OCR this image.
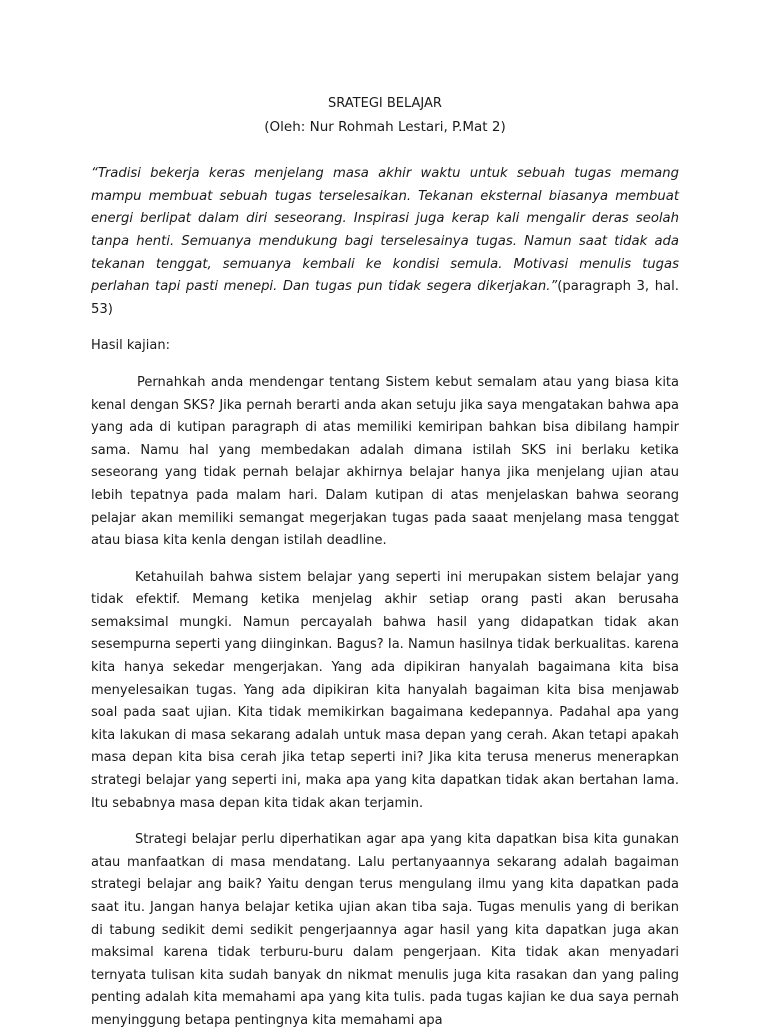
SRATEGI BELAJAR

(Oleh: Nur Rohmah Lestari, P.Mat 2)

“Tradisi bekerja keras menjelang masa akhir waktu untuk sebuah tugas memang mampu membuat sebuah tugas terselesaikan. Tekanan eksternal biasanya membuat energi berlipat dalam diri seseorang. Inspirasi juga kerap kali mengalir deras seolah tanpa henti. Semuanya mendukung bagi terselesainya tugas. Namun saat tidak ada tekanan tenggat, semuanya kembali ke kondisi semula. Motivasi menulis tugas perlahan tapi pasti menepi. Dan tugas pun tidak segera dikerjakan.”(paragraph 3, hal. 53)

Hasil kajian:

Pernahkah anda mendengar tentang Sistem kebut semalam atau yang biasa kita kenal dengan SKS? Jika pernah berarti anda akan setuju jika saya mengatakan bahwa apa yang ada di kutipan paragraph di atas memiliki kemiripan bahkan bisa dibilang hampir sama. Namu hal yang membedakan adalah dimana istilah SKS ini berlaku ketika seseorang yang tidak pernah belajar akhirnya belajar hanya jika menjelang ujian atau lebih tepatnya pada malam hari. Dalam kutipan di atas menjelaskan bahwa seorang pelajar akan memiliki semangat megerjakan tugas pada saaat menjelang masa tenggat atau biasa kita kenla dengan istilah deadline.

Ketahuilah bahwa sistem belajar yang seperti ini merupakan sistem belajar yang tidak efektif. Memang ketika menjelag akhir setiap orang pasti akan berusaha semaksimal mungki. Namun percayalah bahwa hasil yang didapatkan tidak akan sesempurna seperti yang diinginkan. Bagus? Ia. Namun hasilnya tidak berkualitas. karena kita hanya sekedar mengerjakan. Yang ada dipikiran hanyalah bagaimana kita bisa menyelesaikan tugas. Yang ada dipikiran kita hanyalah bagaiman kita bisa menjawab soal pada saat ujian. Kita tidak memikirkan bagaimana kedepannya. Padahal apa yang kita lakukan di masa sekarang adalah untuk masa depan yang cerah. Akan tetapi apakah masa depan kita bisa cerah jika tetap seperti ini? Jika kita terusa menerus menerapkan strategi belajar yang seperti ini, maka apa yang kita dapatkan tidak akan bertahan lama. Itu sebabnya masa depan kita tidak akan terjamin.

Strategi belajar perlu diperhatikan agar apa yang kita dapatkan bisa kita gunakan atau manfaatkan di masa mendatang. Lalu pertanyaannya sekarang adalah bagaiman strategi belajar ang baik? Yaitu dengan terus mengulang ilmu yang kita dapatkan pada saat itu. Jangan hanya belajar ketika ujian akan tiba saja. Tugas menulis yang di berikan di tabung sedikit demi sedikit pengerjaannya agar hasil yang kita dapatkan juga akan maksimal karena tidak terburu-buru dalam pengerjaan. Kita tidak akan menyadari ternyata tulisan kita sudah banyak dn nikmat menulis juga kita rasakan dan yang paling penting adalah kita memahami apa yang kita tulis. pada tugas kajian ke dua saya pernah menyinggung betapa pentingnya kita memahami apa
